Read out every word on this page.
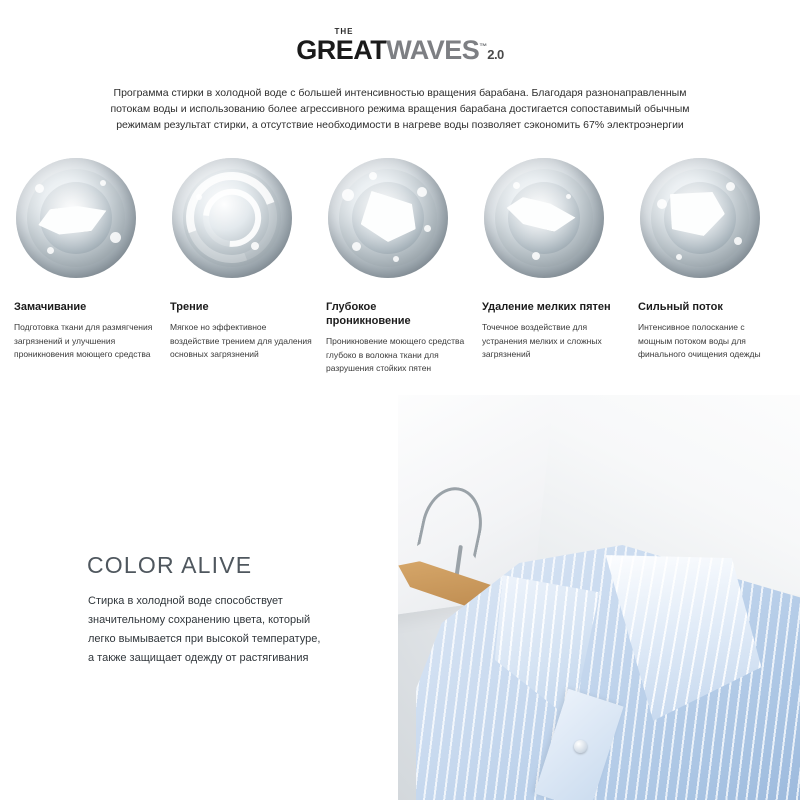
THE
GREATWAVES™2.0

Программа стирки в холодной воде с большей интенсивностью вращения барабана. Благодаря разнонаправленным потокам воды и использованию более агрессивного режима вращения барабана достигается сопоставимый обычным режимам результат стирки, а отсутствие необходимости в нагреве воды позволяет сэкономить 67% электроэнергии

Замачивание
Подготовка ткани для размягчения загрязнений и улучшения проникновения моющего средства
Трение
Мягкое но эффективное воздействие трением для удаления основных загрязнений
Глубокое проникновение
Проникновение моющего средства глубоко в волокна ткани для разрушения стойких пятен
Удаление мелких пятен
Точечное воздействие для устранения мелких и сложных загрязнений
Сильный поток
Интенсивное полоскание с мощным потоком воды для финального очищения одежды
COLOR ALIVE

Стирка в холодной воде способствует значительному сохранению цвета, который легко вымывается при высокой температуре, а также защищает одежду от растягивания
